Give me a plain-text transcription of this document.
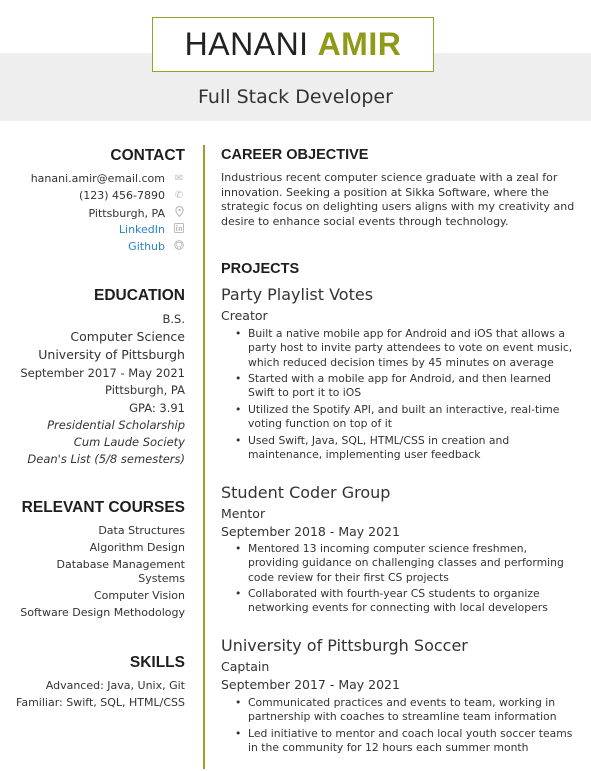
HANANI AMIR
Full Stack Developer
CONTACT
hanani.amir@email.com ✉
(123) 456-7890 ✆
Pittsburgh, PA
LinkedIn
Github
EDUCATION
B.S.
Computer Science
University of Pittsburgh
September 2017 - May 2021
Pittsburgh, PA
GPA: 3.91
Presidential Scholarship
Cum Laude Society
Dean's List (5/8 semesters)
RELEVANT COURSES
Data Structures
Algorithm Design
Database Management Systems
Computer Vision
Software Design Methodology
SKILLS
Advanced: Java, Unix, Git
Familiar: Swift, SQL, HTML/CSS
CAREER OBJECTIVE
Industrious recent computer science graduate with a zeal for innovation. Seeking a position at Sikka Software, where the strategic focus on delighting users aligns with my creativity and desire to enhance social events through technology.
PROJECTS
Party Playlist Votes
Creator
• Built a native mobile app for Android and iOS that allows a party host to invite party attendees to vote on event music, which reduced decision times by 45 minutes on average
• Started with a mobile app for Android, and then learned Swift to port it to iOS
• Utilized the Spotify API, and built an interactive, real-time voting function on top of it
• Used Swift, Java, SQL, HTML/CSS in creation and maintenance, implementing user feedback
Student Coder Group
Mentor
September 2018 - May 2021
• Mentored 13 incoming computer science freshmen, providing guidance on challenging classes and performing code review for their first CS projects
• Collaborated with fourth-year CS students to organize networking events for connecting with local developers
University of Pittsburgh Soccer
Captain
September 2017 - May 2021
• Communicated practices and events to team, working in partnership with coaches to streamline team information
• Led initiative to mentor and coach local youth soccer teams in the community for 12 hours each summer month
